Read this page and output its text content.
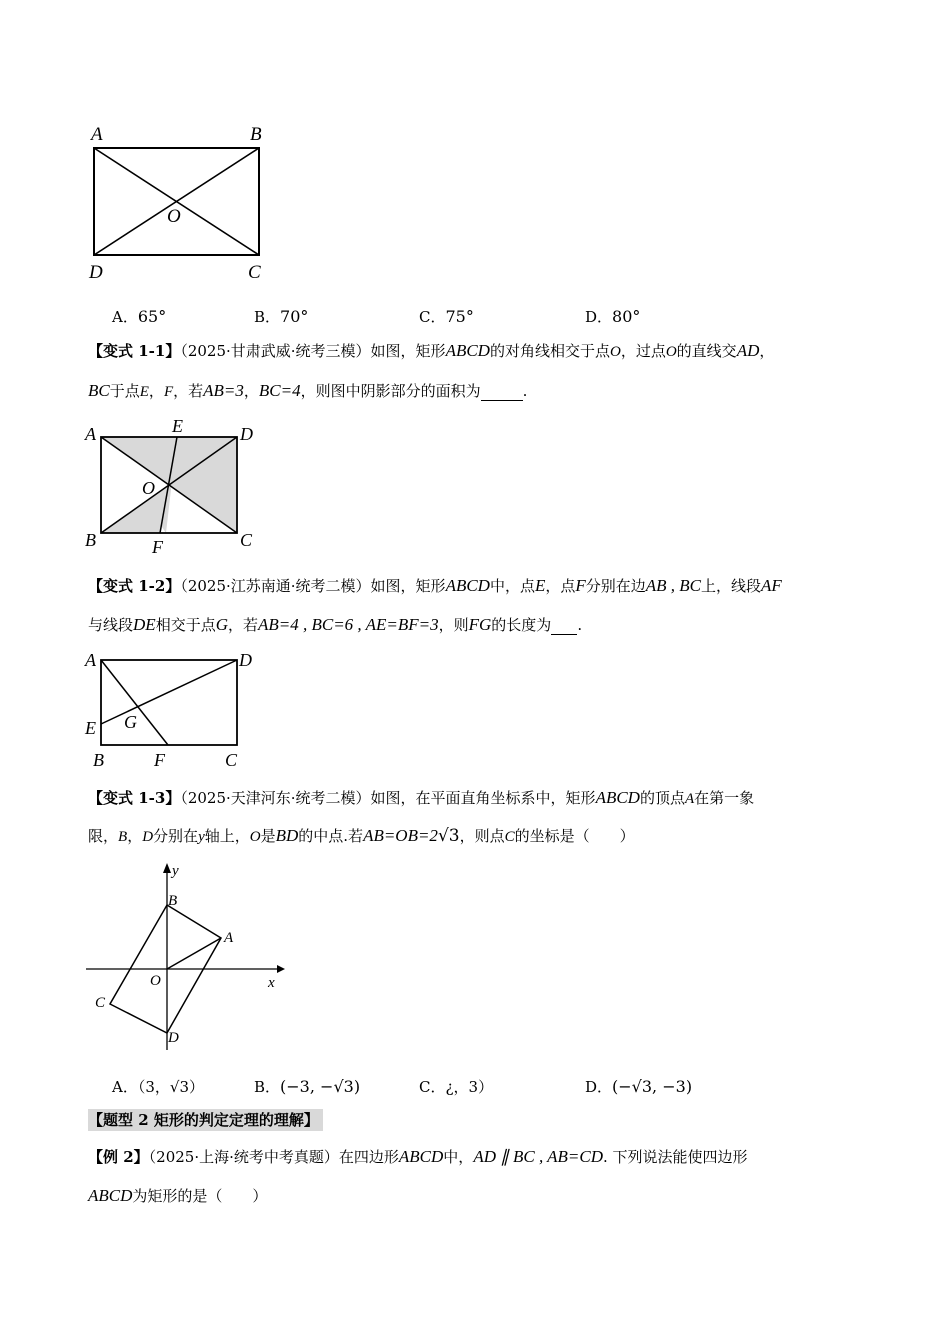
A	B
O
D	C
A．65°	B．70°	C．75°	D．80°
【变式 1-1】（2025·甘肃武威·统考三模）如图，矩形ABCD的对角线相交于点O，过点O的直线交AD，
BC于点E，F，若AB=3，BC=4，则图中阴影部分的面积为	.
A	E	D
O
B	F	C
【变式 1-2】（2025·江苏南通·统考二模）如图，矩形ABCD中，点E，点F分别在边AB , BC上，线段AF
与线段DE相交于点G，若AB=4 , BC=6 , AE=BF=3，则FG的长度为 .
A	D
E G
B	F	C
【变式 1-3】（2025·天津河东·统考二模）如图，在平面直角坐标系中，矩形ABCD的顶点A在第一象
限，B，D分别在y轴上，O是BD的中点.若AB=OB=2√3，则点C的坐标是（　　）
y
x
B
A
O
C
D
A．（3，√3）	B．(−3, −√3)	C．¿，3）	D．(−√3, −3)
【题型 2 矩形的判定定理的理解】
【例 2】（2025·上海·统考中考真题）在四边形ABCD中，AD ∥ BC , AB=CD. 下列说法能使四边形
ABCD为矩形的是（　　）
